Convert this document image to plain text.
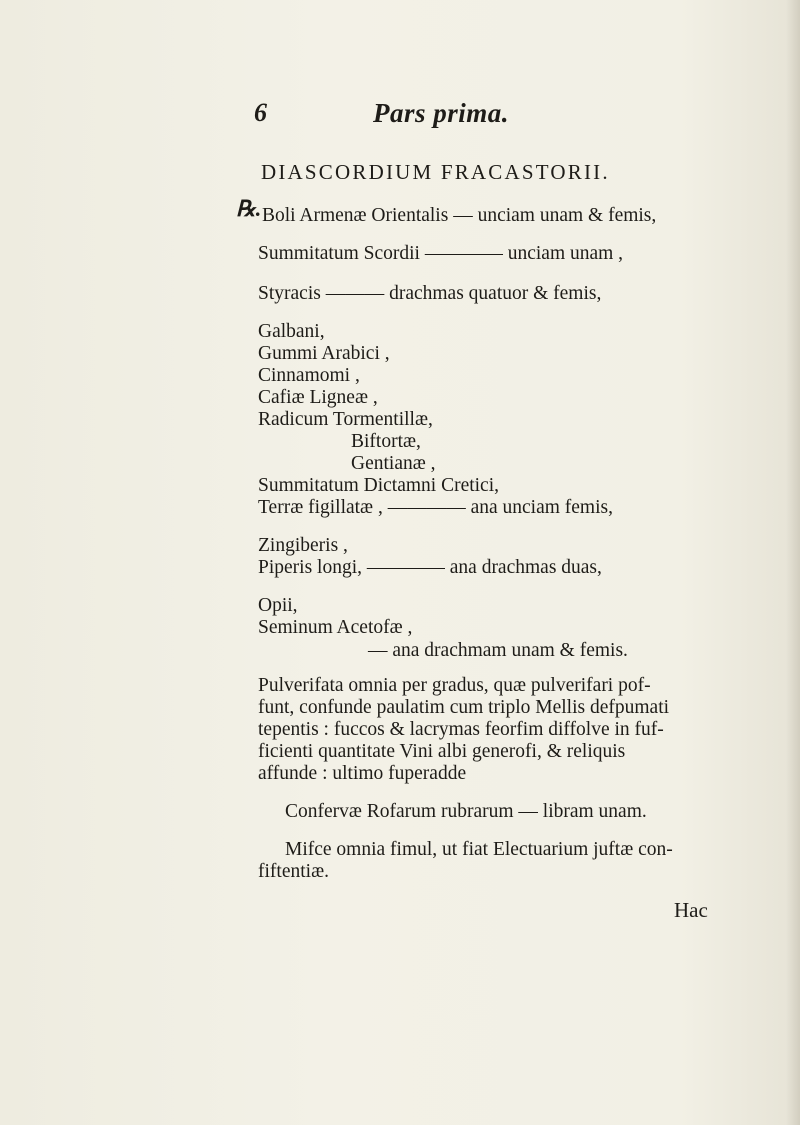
6	Pars prima.
DIASCORDIUM FRACASTORII.
℞. Boli Armenæ Orientalis — unciam unam & femis,
Summitatum Scordii ———— unciam unam ,
Styracis ——— drachmas quatuor & femis,
Galbani,
Gummi Arabici ,
Cinnamomi ,
Cafiæ Ligneæ ,
Radicum Tormentillæ,
Biftortæ,
Gentianæ ,
Summitatum Dictamni Cretici,
Terræ figillatæ , ———— ana unciam femis,
Zingiberis ,
Piperis longi, ———— ana drachmas duas,
Opii,
Seminum Acetofæ ,
— ana drachmam unam & femis.
Pulverifata omnia per gradus, quæ pulverifari pof-
funt, confunde paulatim cum triplo Mellis defpumati
tepentis : fuccos & lacrymas feorfim diffolve in fuf-
ficienti quantitate Vini albi generofi, & reliquis
affunde : ultimo fuperadde
Confervæ Rofarum rubrarum — libram unam.
Mifce omnia fimul, ut fiat Electuarium juftæ con-
fiftentiæ.
Hac
